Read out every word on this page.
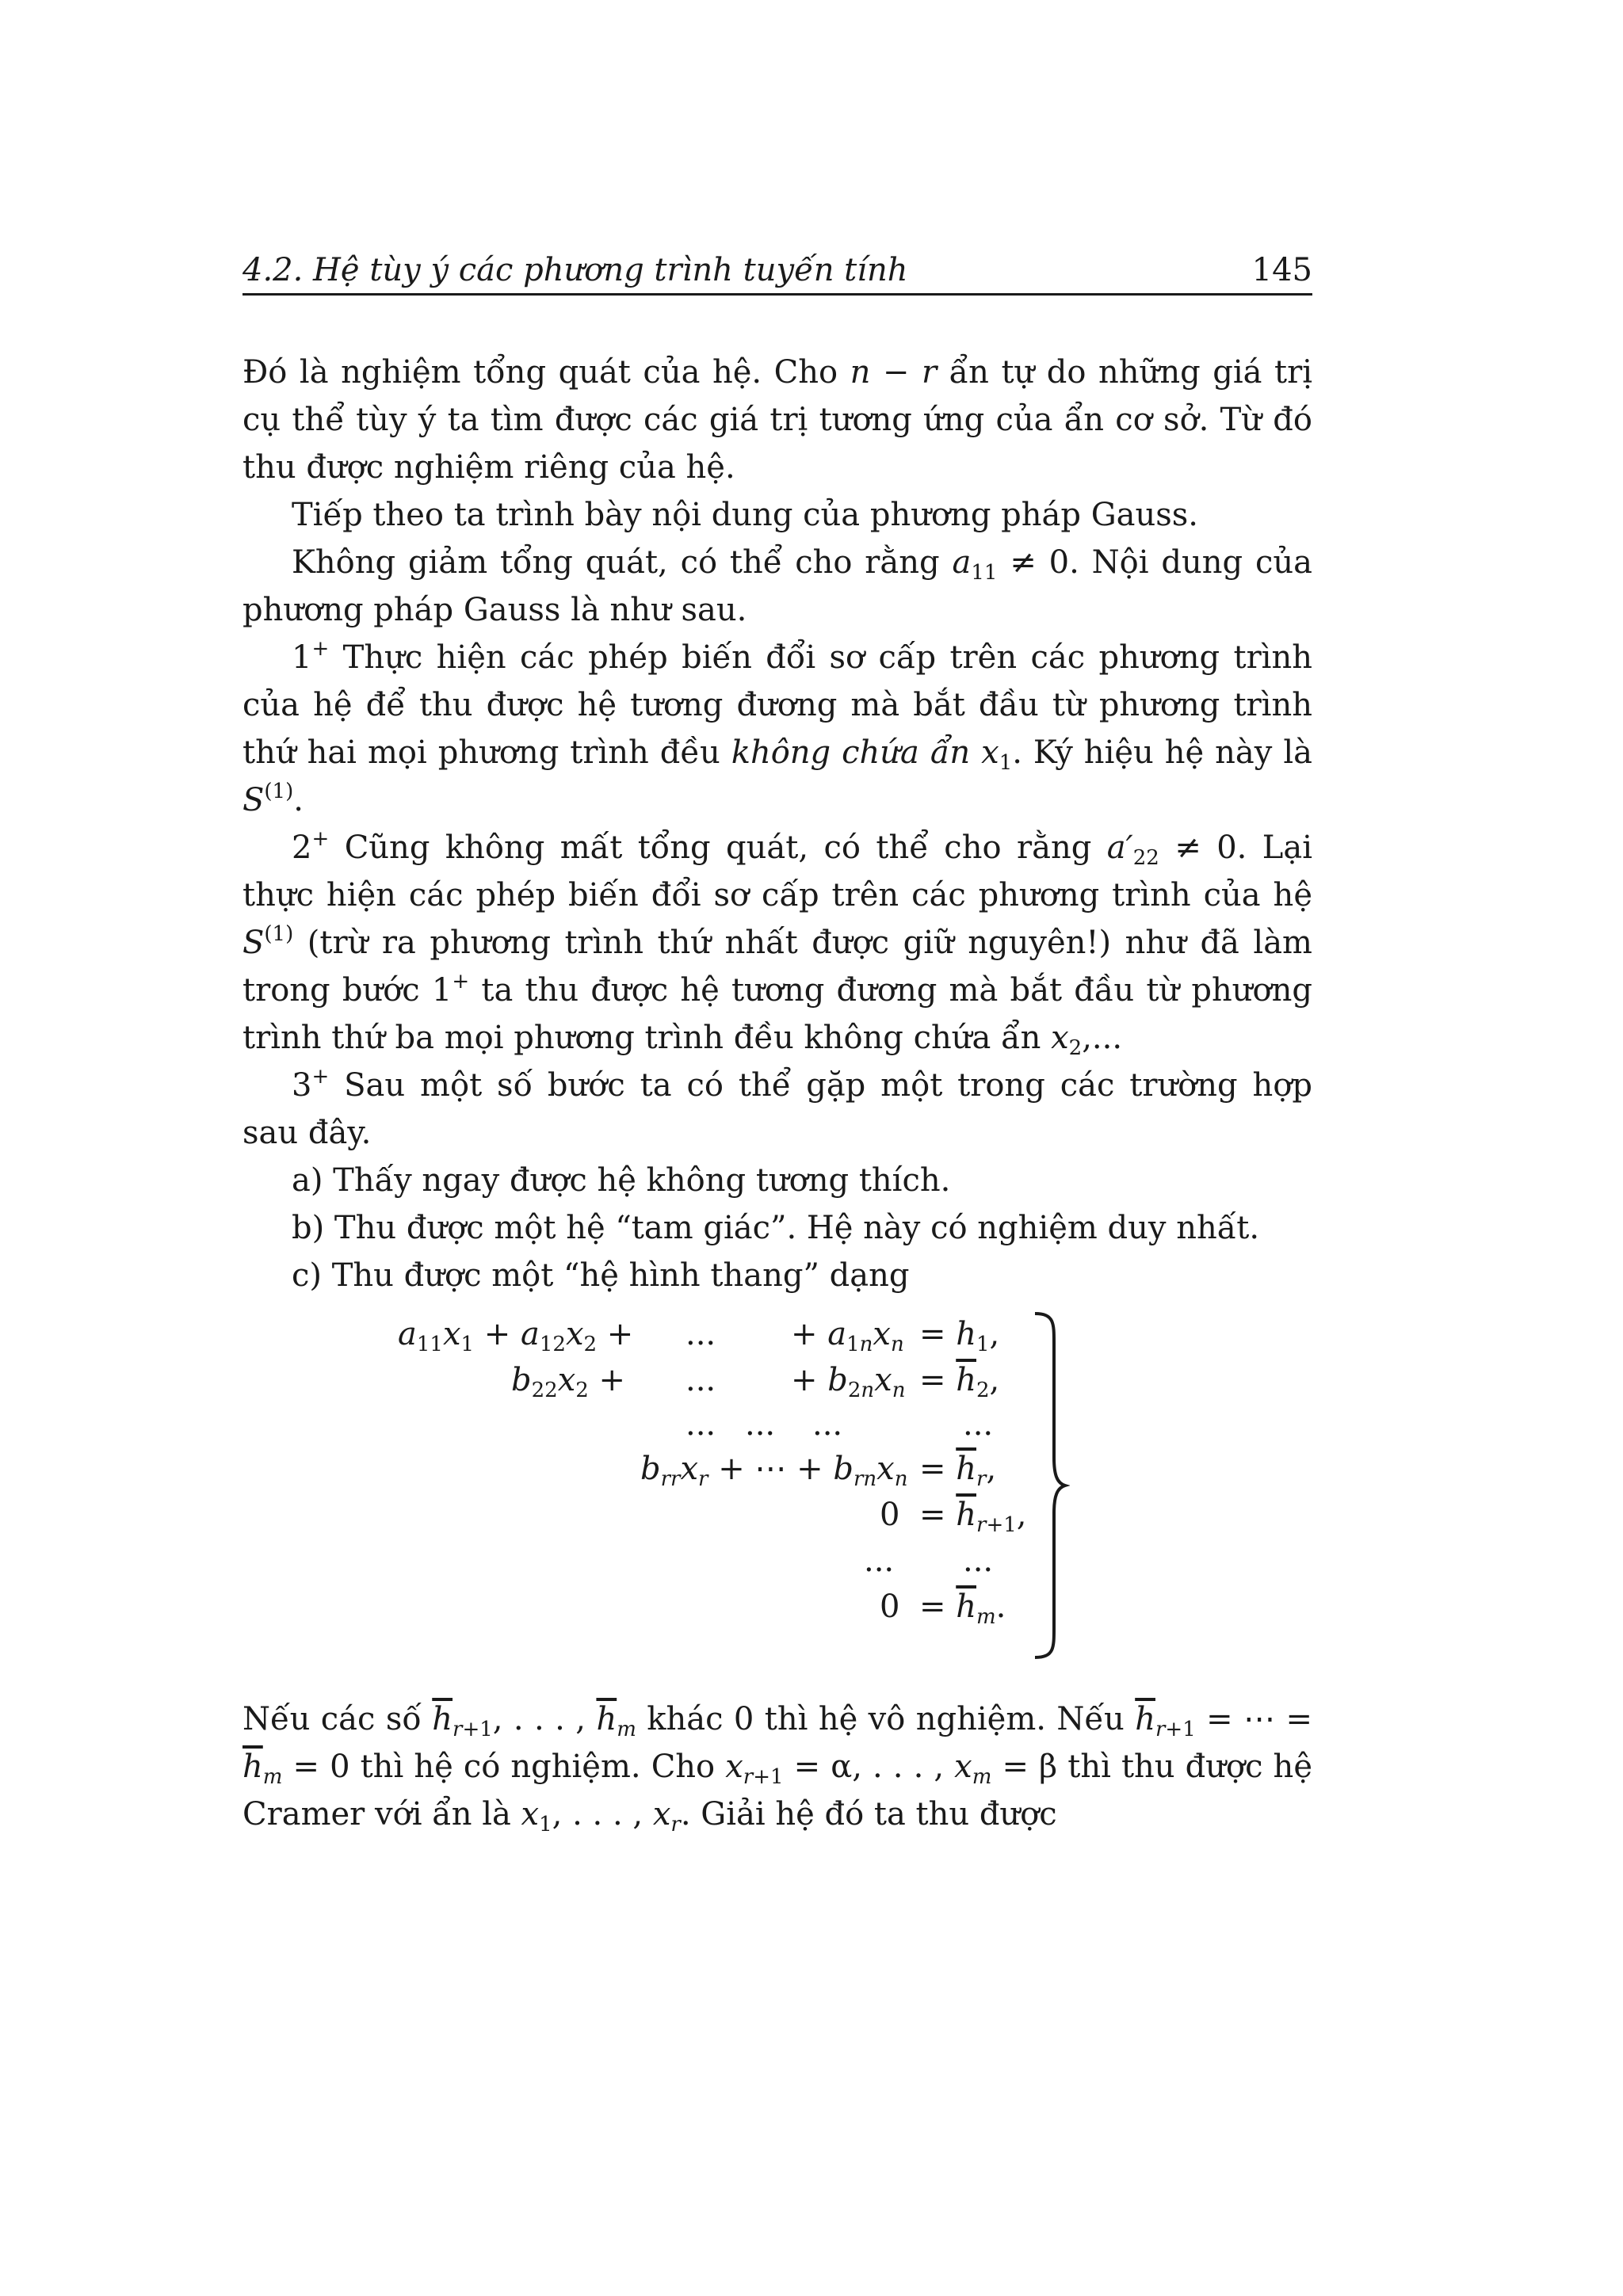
4.2. Hệ tùy ý các phương trình tuyến tính	145

Đó là nghiệm tổng quát của hệ. Cho n − r ẩn tự do những giá trị cụ thể tùy ý ta tìm được các giá trị tương ứng của ẩn cơ sở. Từ đó thu được nghiệm riêng của hệ.

Tiếp theo ta trình bày nội dung của phương pháp Gauss.

Không giảm tổng quát, có thể cho rằng $a_{11} \ne 0$. Nội dung của phương pháp Gauss là như sau.

1+ Thực hiện các phép biến đổi sơ cấp trên các phương trình của hệ để thu được hệ tương đương mà bắt đầu từ phương trình thứ hai mọi phương trình đều không chứa ẩn $x_1$. Ký hiệu hệ này là $S^{(1)}$.

2+ Cũng không mất tổng quát, có thể cho rằng $a'_{22} \ne 0$. Lại thực hiện các phép biến đổi sơ cấp trên các phương trình của hệ $S^{(1)}$ (trừ ra phương trình thứ nhất được giữ nguyên!) như đã làm trong bước 1+ ta thu được hệ tương đương mà bắt đầu từ phương trình thứ ba mọi phương trình đều không chứa ẩn $x_2$,...

3+ Sau một số bước ta có thể gặp một trong các trường hợp sau đây.

a) Thấy ngay được hệ không tương thích.

b) Thu được một hệ “tam giác”. Hệ này có nghiệm duy nhất.

c) Thu được một “hệ hình thang” dạng

$a_{11}x_1 + a_{12}x_2$ + ... + $a_{1n}x_n = h_1$,
$b_{22}x_2$ + ... + $b_{2n}x_n = \overline{h}_2$,
... ... ...	...
$b_{rr}x_r$ + ⋯ + $b_{rn}x_n = \overline{h}_r$,
$0 = \overline{h}_{r+1}$,
... ...
$0 = \overline{h}_m$.

Nếu các số $\overline{h}_{r+1}$, . . . , $\overline{h}_m$ khác 0 thì hệ vô nghiệm. Nếu $\overline{h}_{r+1}$ = ⋯ = $\overline{h}_m = 0$ thì hệ có nghiệm. Cho $x_{r+1} = \alpha$, . . . , $x_m = \beta$ thì thu được hệ Cramer với ẩn là $x_1$, . . . , $x_r$. Giải hệ đó ta thu được
